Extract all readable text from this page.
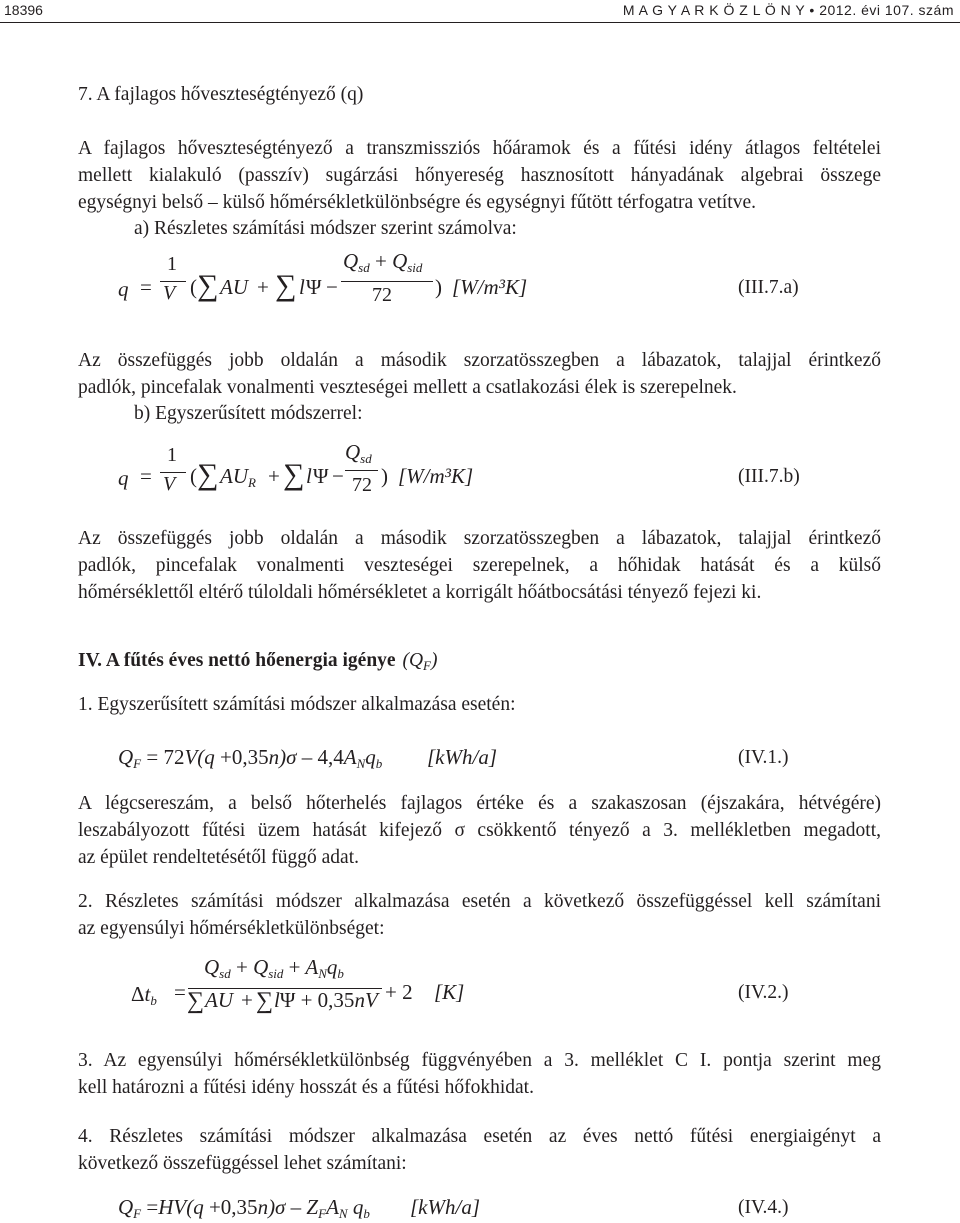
18396	M A G Y A R K Ö Z L Ö N Y • 2012. évi 107. szám
7. A fajlagos hőveszteségtényező (q)
A fajlagos hőveszteségtényező a transzmissziós hőáramok és a fűtési idény átlagos feltételei
mellett kialakuló (passzív) sugárzási hőnyereség hasznosított hányadának algebrai összege
egységnyi belső – külső hőmérsékletkülönbségre és egységnyi fűtött térfogatra vetítve.
a) Részletes számítási módszer szerint számolva:
q =
1
V ( ∑ AU + ∑ l Ψ −
$Q_{sd} + Q_{sid}$
72 ) [W/m³K]	(III.7.a)
Az összefüggés jobb oldalán a második szorzatösszegben a lábazatok, talajjal érintkező
padlók, pincefalak vonalmenti veszteségei mellett a csatlakozási élek is szerepelnek.
b) Egyszerűsített módszerrel:
q =
1
V ( ∑ $AU_R$ + ∑ l Ψ −
$Q_{sd}$
72 ) [W/m³K]	(III.7.b)
Az összefüggés jobb oldalán a második szorzatösszegben a lábazatok, talajjal érintkező
padlók, pincefalak vonalmenti veszteségei szerepelnek, a hőhidak hatását és a külső
hőmérséklettől eltérő túloldali hőmérsékletet a korrigált hőátbocsátási tényező fejezi ki.
IV. A fűtés éves nettó hőenergia igénye $(Q_F)$
1. Egyszerűsített számítási módszer alkalmazása esetén:
$Q_F = 72V(q +0,35n)\sigma - 4,4A_Nq_b$ [kWh/a]	(IV.1.)
A légcsereszám, a belső hőterhelés fajlagos értéke és a szakaszosan (éjszakára, hétvégére)
leszabályozott fűtési üzem hatását kifejező σ csökkentő tényező a 3. mellékletben megadott,
az épület rendeltetésétől függő adat.
2. Részletes számítási módszer alkalmazása esetén a következő összefüggéssel kell számítani
az egyensúlyi hőmérsékletkülönbséget:
$\Delta t_b$ =
$Q_{sd} + Q_{sid} + A_Nq_b$
∑ AU + ∑ lΨ + 0,35nV + 2 [K]	(IV.2.)
3. Az egyensúlyi hőmérsékletkülönbség függvényében a 3. melléklet C I. pontja szerint meg
kell határozni a fűtési idény hosszát és a fűtési hőfokhidat.
4. Részletes számítási módszer alkalmazása esetén az éves nettó fűtési energiaigényt a
következő összefüggéssel lehet számítani:
$Q_F =HV(q +0,35n)\sigma - Z_FA_N$ $q_b$ [kWh/a]	(IV.4.)
